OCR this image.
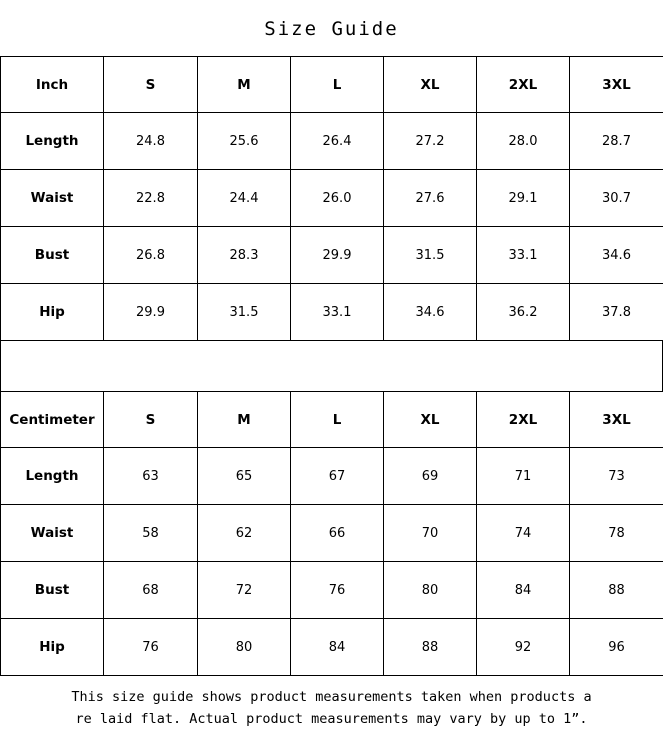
Size Guide
Inch	S	M	L	XL	2XL	3XL
Length	24.8	25.6	26.4	27.2	28.0	28.7
Waist	22.8	24.4	26.0	27.6	29.1	30.7
Bust	26.8	28.3	29.9	31.5	33.1	34.6
Hip	29.9	31.5	33.1	34.6	36.2	37.8
Centimeter	S	M	L	XL	2XL	3XL
Length	63	65	67	69	71	73
Waist	58	62	66	70	74	78
Bust	68	72	76	80	84	88
Hip	76	80	84	88	92	96
This size guide shows product measurements taken when products a
re laid flat. Actual product measurements may vary by up to 1”.
